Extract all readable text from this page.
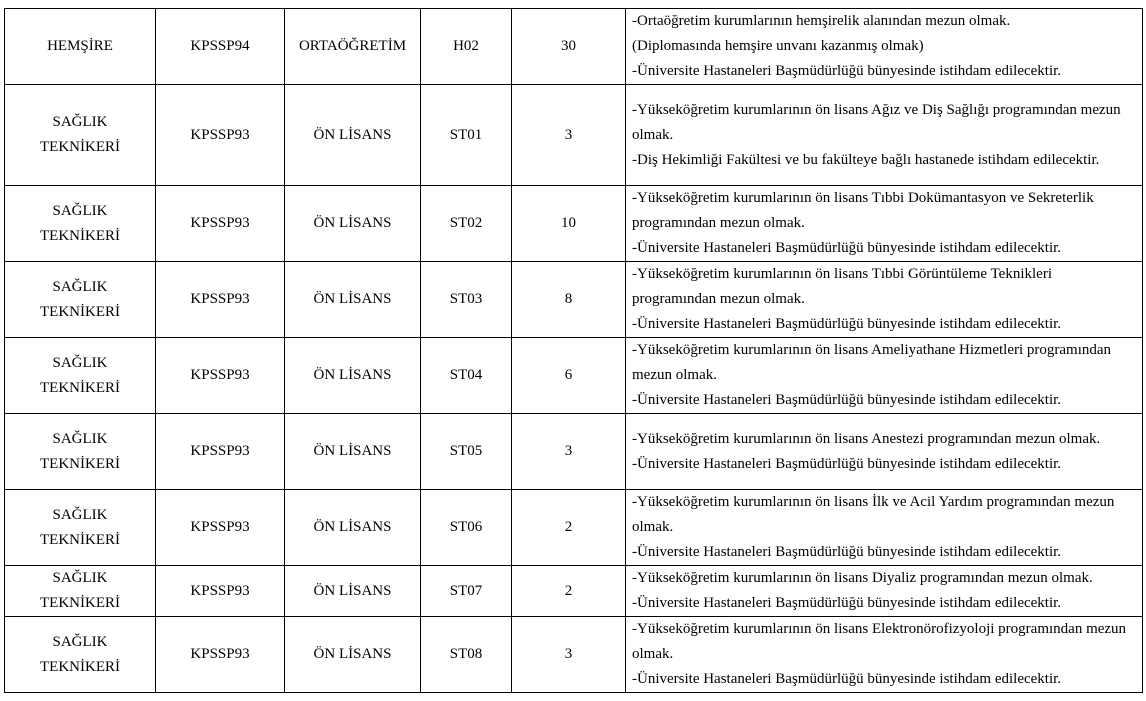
HEMŞİRE	KPSSP94	ORTAÖĞRETİM	H02	30	-Ortaöğretim kurumlarının hemşirelik alanından mezun olmak.
(Diplomasında hemşire unvanı kazanmış olmak)
-Üniversite Hastaneleri Başmüdürlüğü bünyesinde istihdam edilecektir.

SAĞLIK
TEKNİKERİ	KPSSP93	ÖN LİSANS	ST01	3	-Yükseköğretim kurumlarının ön lisans Ağız ve Diş Sağlığı programından mezun olmak.
-Diş Hekimliği Fakültesi ve bu fakülteye bağlı hastanede istihdam edilecektir.

SAĞLIK
TEKNİKERİ	KPSSP93	ÖN LİSANS	ST02	10	-Yükseköğretim kurumlarının ön lisans Tıbbi Dokümantasyon ve Sekreterlik programından mezun olmak.
-Üniversite Hastaneleri Başmüdürlüğü bünyesinde istihdam edilecektir.

SAĞLIK
TEKNİKERİ	KPSSP93	ÖN LİSANS	ST03	8	-Yükseköğretim kurumlarının ön lisans Tıbbi Görüntüleme Teknikleri programından mezun olmak.
-Üniversite Hastaneleri Başmüdürlüğü bünyesinde istihdam edilecektir.

SAĞLIK
TEKNİKERİ	KPSSP93	ÖN LİSANS	ST04	6	-Yükseköğretim kurumlarının ön lisans Ameliyathane Hizmetleri programından mezun olmak.
-Üniversite Hastaneleri Başmüdürlüğü bünyesinde istihdam edilecektir.

SAĞLIK
TEKNİKERİ	KPSSP93	ÖN LİSANS	ST05	3	-Yükseköğretim kurumlarının ön lisans Anestezi programından mezun olmak.
-Üniversite Hastaneleri Başmüdürlüğü bünyesinde istihdam edilecektir.

SAĞLIK
TEKNİKERİ	KPSSP93	ÖN LİSANS	ST06	2	-Yükseköğretim kurumlarının ön lisans İlk ve Acil Yardım programından mezun olmak.
-Üniversite Hastaneleri Başmüdürlüğü bünyesinde istihdam edilecektir.

SAĞLIK
TEKNİKERİ	KPSSP93	ÖN LİSANS	ST07	2	-Yükseköğretim kurumlarının ön lisans Diyaliz programından mezun olmak.
-Üniversite Hastaneleri Başmüdürlüğü bünyesinde istihdam edilecektir.

SAĞLIK
TEKNİKERİ	KPSSP93	ÖN LİSANS	ST08	3	-Yükseköğretim kurumlarının ön lisans Elektronörofizyoloji programından mezun olmak.
-Üniversite Hastaneleri Başmüdürlüğü bünyesinde istihdam edilecektir.
